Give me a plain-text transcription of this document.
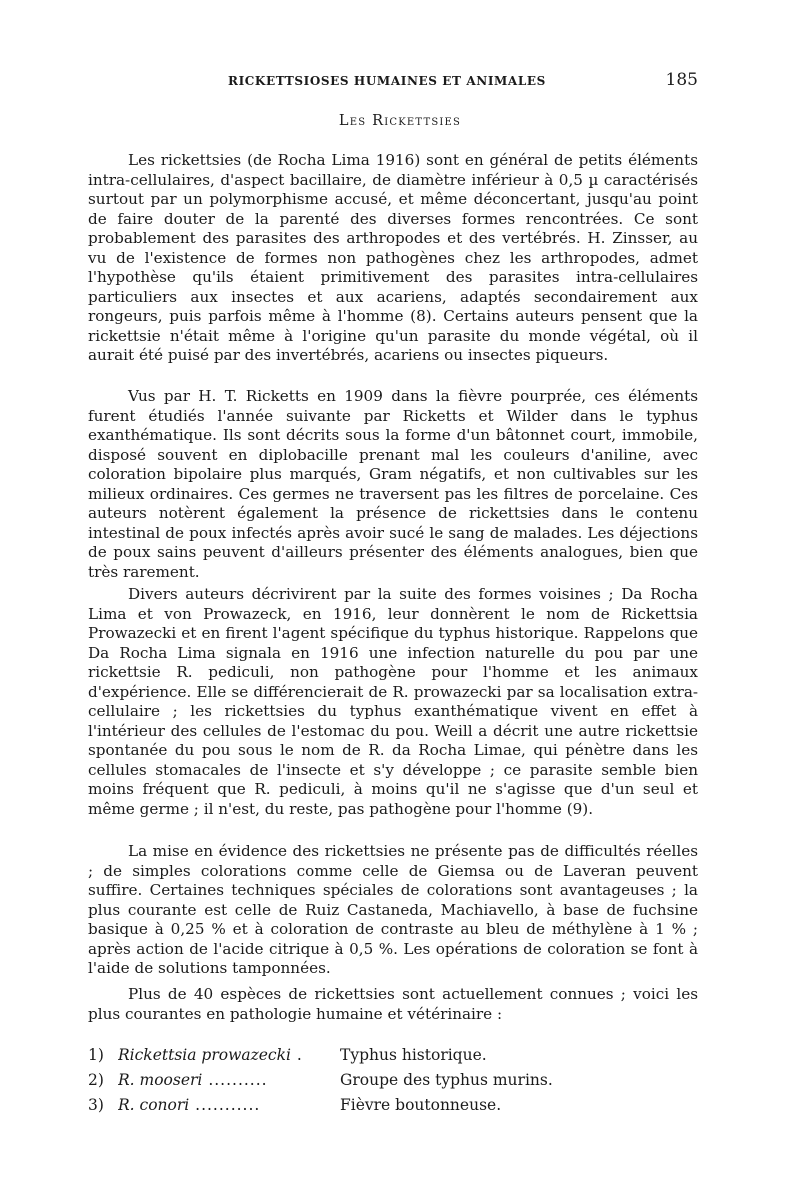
RICKETTSIOSES HUMAINES ET ANIMALES	185
Les Rickettsies

Les rickettsies (de Rocha Lima 1916) sont en général de petits éléments intra-cellulaires, d'aspect bacillaire, de diamètre inférieur à 0,5 µ caractérisés surtout par un polymorphisme accusé, et même déconcertant, jusqu'au point de faire douter de la parenté des diverses formes rencontrées. Ce sont probablement des parasites des arthropodes et des vertébrés. H. Zinsser, au vu de l'existence de formes non pathogènes chez les arthropodes, admet l'hypothèse qu'ils étaient primitivement des parasites intra-cellulaires particuliers aux insectes et aux acariens, adaptés secondairement aux rongeurs, puis parfois même à l'homme (8). Certains auteurs pensent que la rickettsie n'était même à l'origine qu'un parasite du monde végétal, où il aurait été puisé par des invertébrés, acariens ou insectes piqueurs.

Vus par H. T. Ricketts en 1909 dans la fièvre pourprée, ces éléments furent étudiés l'année suivante par Ricketts et Wilder dans le typhus exanthématique. Ils sont décrits sous la forme d'un bâtonnet court, immobile, disposé souvent en diplobacille prenant mal les couleurs d'aniline, avec coloration bipolaire plus marqués, Gram négatifs, et non cultivables sur les milieux ordinaires. Ces germes ne traversent pas les filtres de porcelaine. Ces auteurs notèrent également la présence de rickettsies dans le contenu intestinal de poux infectés après avoir sucé le sang de malades. Les déjections de poux sains peuvent d'ailleurs présenter des éléments analogues, bien que très rarement.

Divers auteurs décrivirent par la suite des formes voisines ; Da Rocha Lima et von Prowazeck, en 1916, leur donnèrent le nom de Rickettsia Prowazecki et en firent l'agent spécifique du typhus historique. Rappelons que Da Rocha Lima signala en 1916 une infection naturelle du pou par une rickettsie R. pediculi, non pathogène pour l'homme et les animaux d'expérience. Elle se différencierait de R. prowazecki par sa localisation extra-cellulaire ; les rickettsies du typhus exanthématique vivent en effet à l'intérieur des cellules de l'estomac du pou. Weill a décrit une autre rickettsie spontanée du pou sous le nom de R. da Rocha Limae, qui pénètre dans les cellules stomacales de l'insecte et s'y développe ; ce parasite semble bien moins fréquent que R. pediculi, à moins qu'il ne s'agisse que d'un seul et même germe ; il n'est, du reste, pas pathogène pour l'homme (9).

La mise en évidence des rickettsies ne présente pas de difficultés réelles ; de simples colorations comme celle de Giemsa ou de Laveran peuvent suffire. Certaines techniques spéciales de colorations sont avantageuses ; la plus courante est celle de Ruiz Castaneda, Machiavello, à base de fuchsine basique à 0,25 % et à coloration de contraste au bleu de méthylène à 1 % ; après action de l'acide citrique à 0,5 %. Les opérations de coloration se font à l'aide de solutions tamponnées.

Plus de 40 espèces de rickettsies sont actuellement connues ; voici les plus courantes en pathologie humaine et vétérinaire :

1) Rickettsia prowazecki .	Typhus historique.
2) R. mooseri ..........	Groupe des typhus murins.
3) R. conori ...........	Fièvre boutonneuse.
